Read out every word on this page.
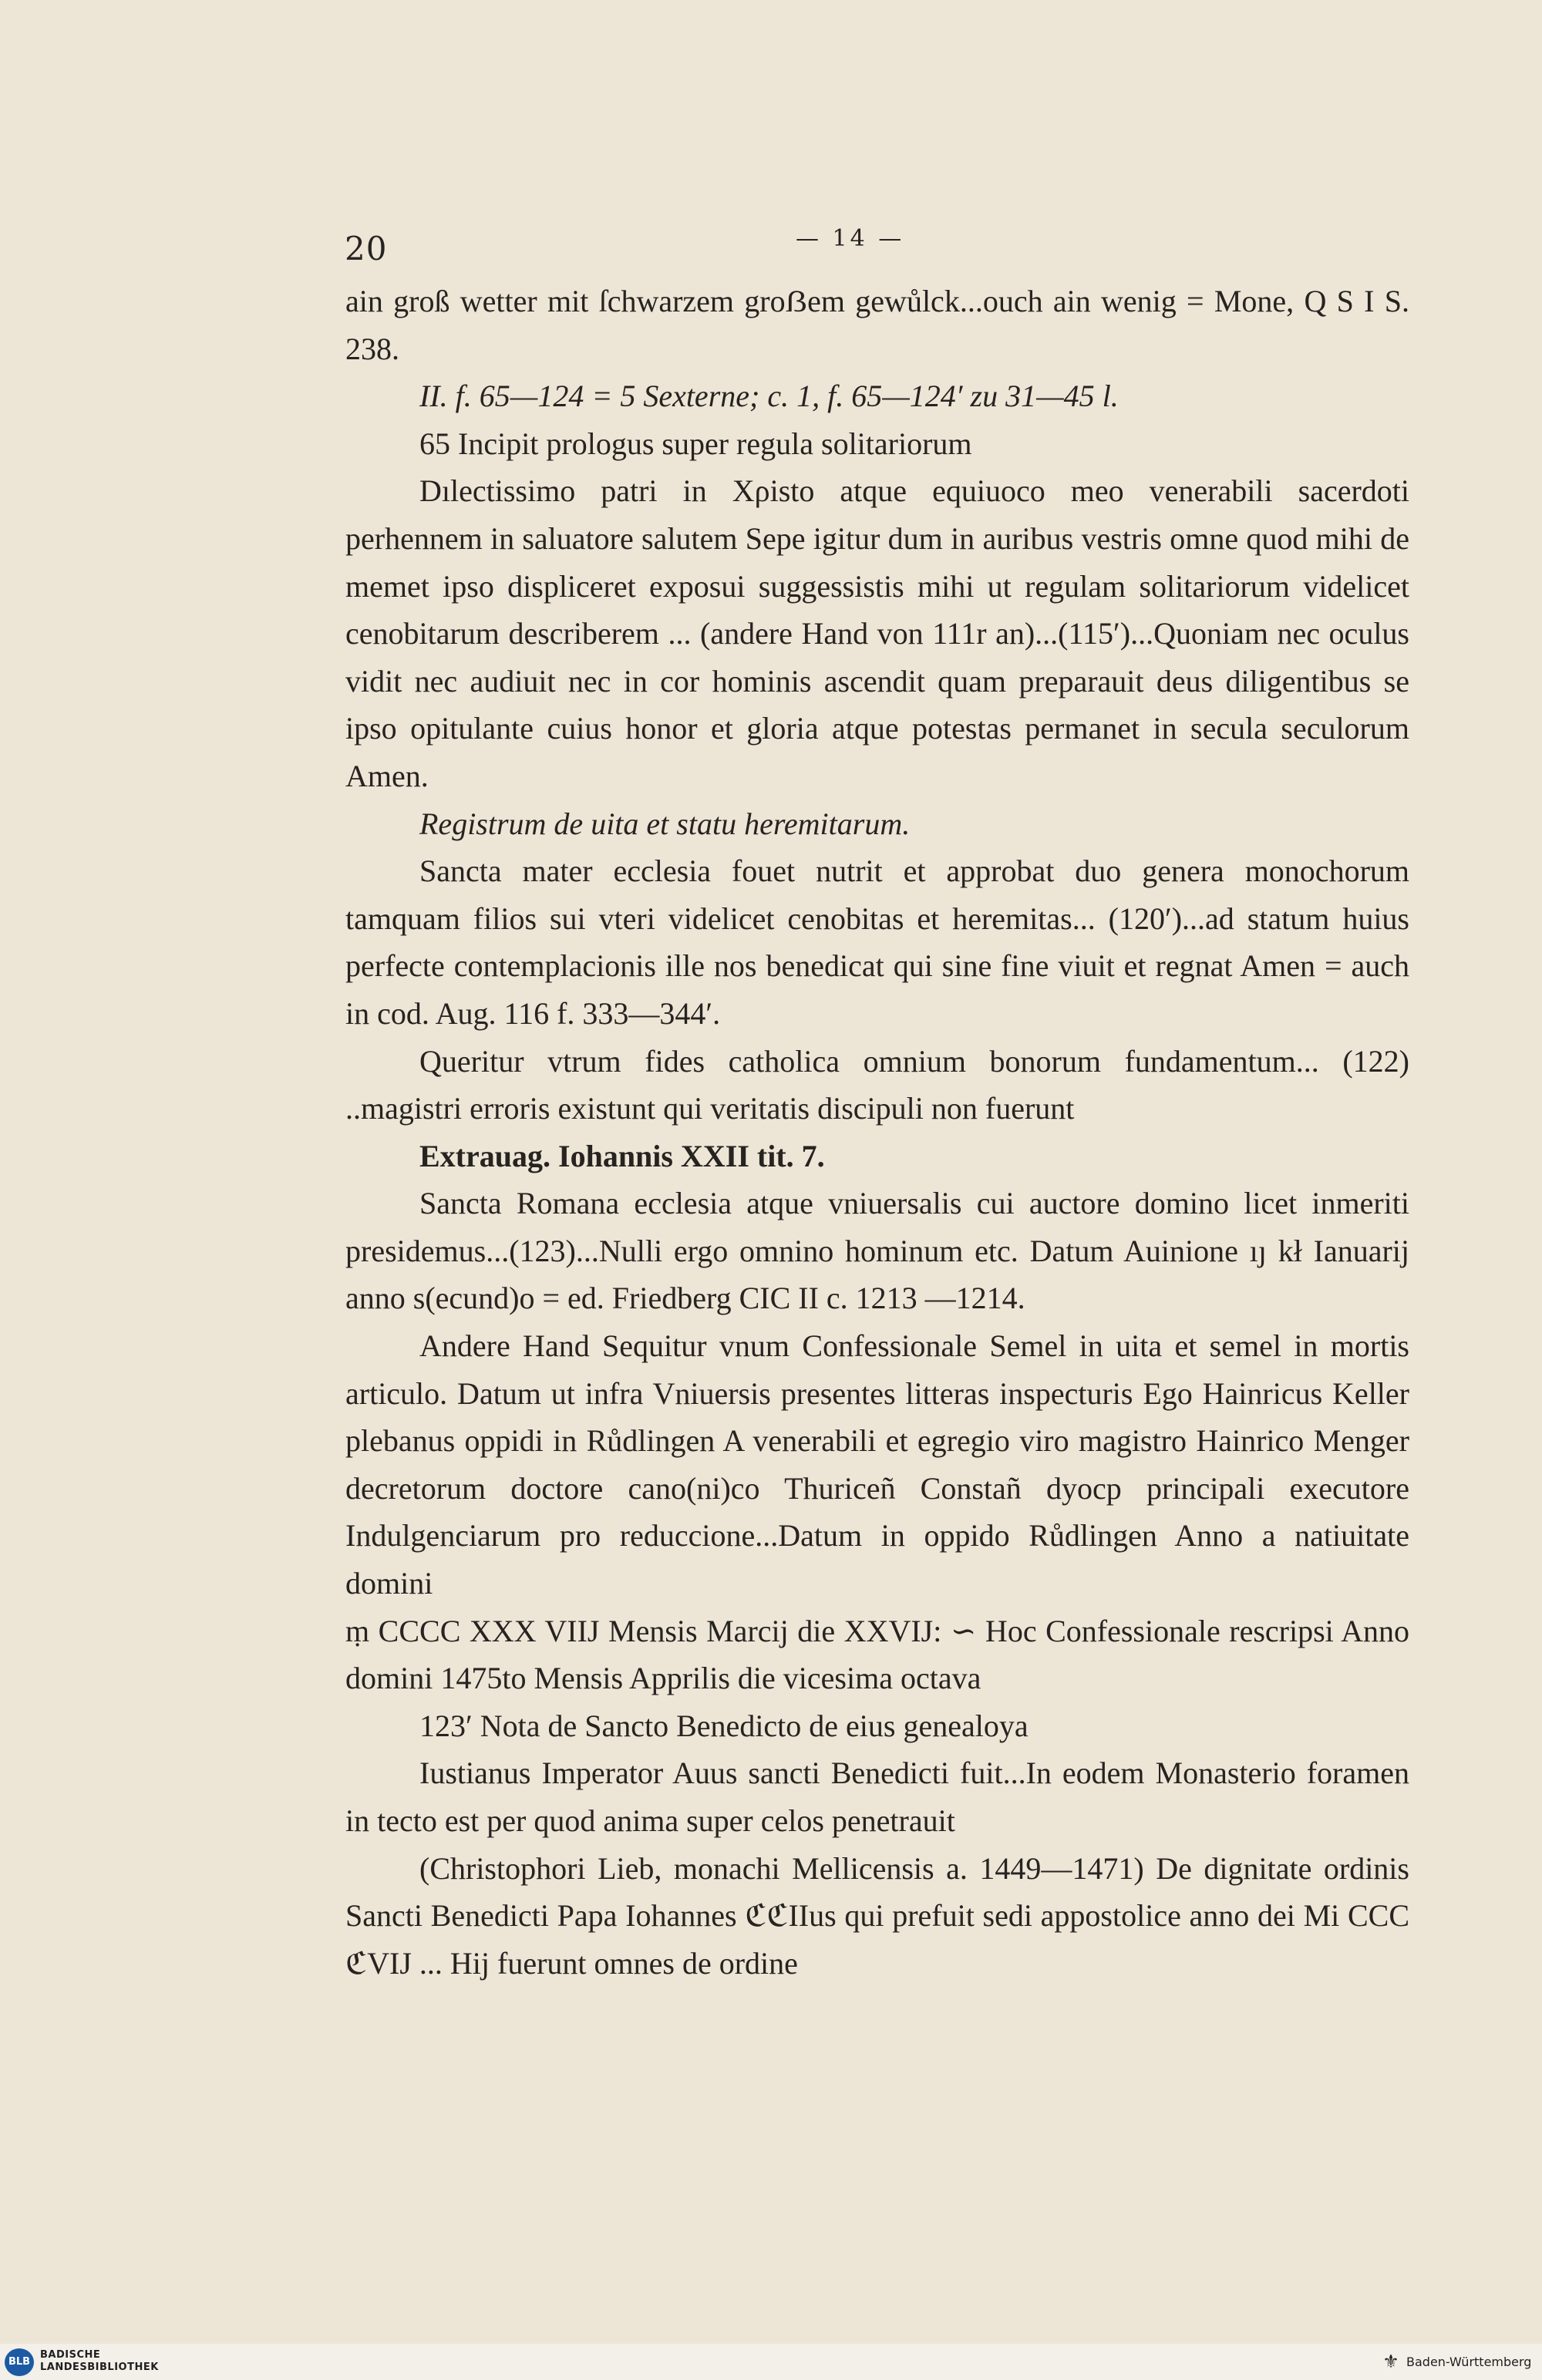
20	— 14 —

ain groß wetter mit ſchwarzem groẞem gewůlck...ouch ain wenig = Mone, Q S I S. 238.

II. f. 65—124 = 5 Sexterne; c. 1, f. 65—124′ zu 31—45 l.

65 Incipit prologus super regula solitariorum

Dılectissimo patri in Χρisto atque equiuoco meo venerabili sacerdoti perhennem in saluatore salutem Sepe igitur dum in auribus vestris omne quod mihi de memet ipso displiceret exposui suggessistis mihi ut regulam solitariorum videlicet cenobitarum describerem ... (andere Hand von 111r an)...(115′)...Quoniam nec oculus vidit nec audiuit nec in cor hominis ascendit quam preparauit deus diligentibus se ipso opitulante cuius honor et gloria atque potestas permanet in secula seculorum Amen.

Registrum de uita et statu heremitarum.

Sancta mater ecclesia fouet nutrit et approbat duo genera monochorum tamquam filios sui vteri videlicet cenobitas et heremitas... (120′)...ad statum huius perfecte contemplacionis ille nos benedicat qui sine fine viuit et regnat Amen = auch in cod. Aug. 116 f. 333—344′.

Queritur vtrum fides catholica omnium bonorum fundamentum... (122) ..magistri erroris existunt qui veritatis discipuli non fuerunt

Extrauag. Iohannis XXII tit. 7.

Sancta Romana ecclesia atque vniuersalis cui auctore domino licet inmeriti presidemus...(123)...Nulli ergo omnino hominum etc. Datum Auinione ıȷ kł Ianuarij anno s(ecund)o = ed. Friedberg CIC II c. 1213 —1214.

Andere Hand Sequitur vnum Confessionale Semel in uita et semel in mortis articulo. Datum ut infra Vniuersis presentes litteras inspecturis Ego Hainricus Keller plebanus oppidi in Růdlingen A venerabili et egregio viro magistro Hainrico Menger decretorum doctore cano(ni)co Thuriceñ Constañ dyocp principali executore Indulgenciarum pro reduccione...Datum in oppido Růdlingen Anno a natiuitate domini

ṃ CCCC XXX VIIJ Mensis Marcij die XXVIJ: ∽ Hoc Confessionale rescripsi Anno domini 1475to Mensis Apprilis die vicesima octava

123′ Nota de Sancto Benedicto de eius genealoya

Iustianus Imperator Auus sancti Benedicti fuit...In eodem Monasterio foramen in tecto est per quod anima super celos penetrauit

(Christophori Lieb, monachi Mellicensis a. 1449—1471) De dignitate ordinis Sancti Benedicti Papa Iohannes ℭℭIIus qui prefuit sedi appostolice anno dei Mi CCC ℭVIJ ... Hij fuerunt omnes de ordine

BLB
BADISCHE
LANDESBIBLIOTHEK	⚜ Baden-Württemberg
